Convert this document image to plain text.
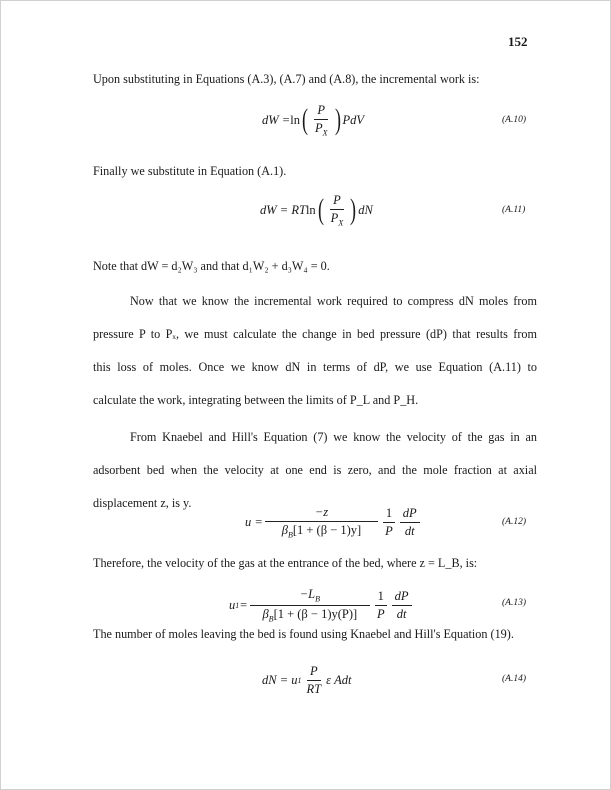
152
Upon substituting in Equations (A.3), (A.7) and (A.8), the incremental work is:
dW = ln ( $\frac{P}{P_X}$ ) PdV	(A.10)
Finally we substitute in Equation (A.1).
dW = RT ln ( $\frac{P}{P_X}$ ) dN	(A.11)
Note that dW = d₂W₃ and that d₁W₂ + d₃W₄ = 0.
Now that we know the incremental work required to compress dN moles from
pressure P to Pₓ, we must calculate the change in bed pressure (dP) that results from
this loss of moles. Once we know dN in terms of dP, we use Equation (A.11) to
calculate the work, integrating between the limits of P_L and P_H.
From Knaebel and Hill's Equation (7) we know the velocity of the gas in an
adsorbent bed when the velocity at one end is zero, and the mole fraction at axial
displacement z, is y.
$u = \frac{-z}{\beta_B[1 + (\beta - 1)y]} \frac{1}{P} \frac{dP}{dt}$	(A.12)
Therefore, the velocity of the gas at the entrance of the bed, where z = L_B, is:
u $1 = \frac{-L_B}{\beta_B[1 + (\beta - 1)y(P)]} \frac{1}{P} \frac{dP}{dt}$	(A.13)
The number of moles leaving the bed is found using Knaebel and Hill's Equation (19).
dN = u $1 \frac{P}{RT}$ ε Adt	(A.14)
